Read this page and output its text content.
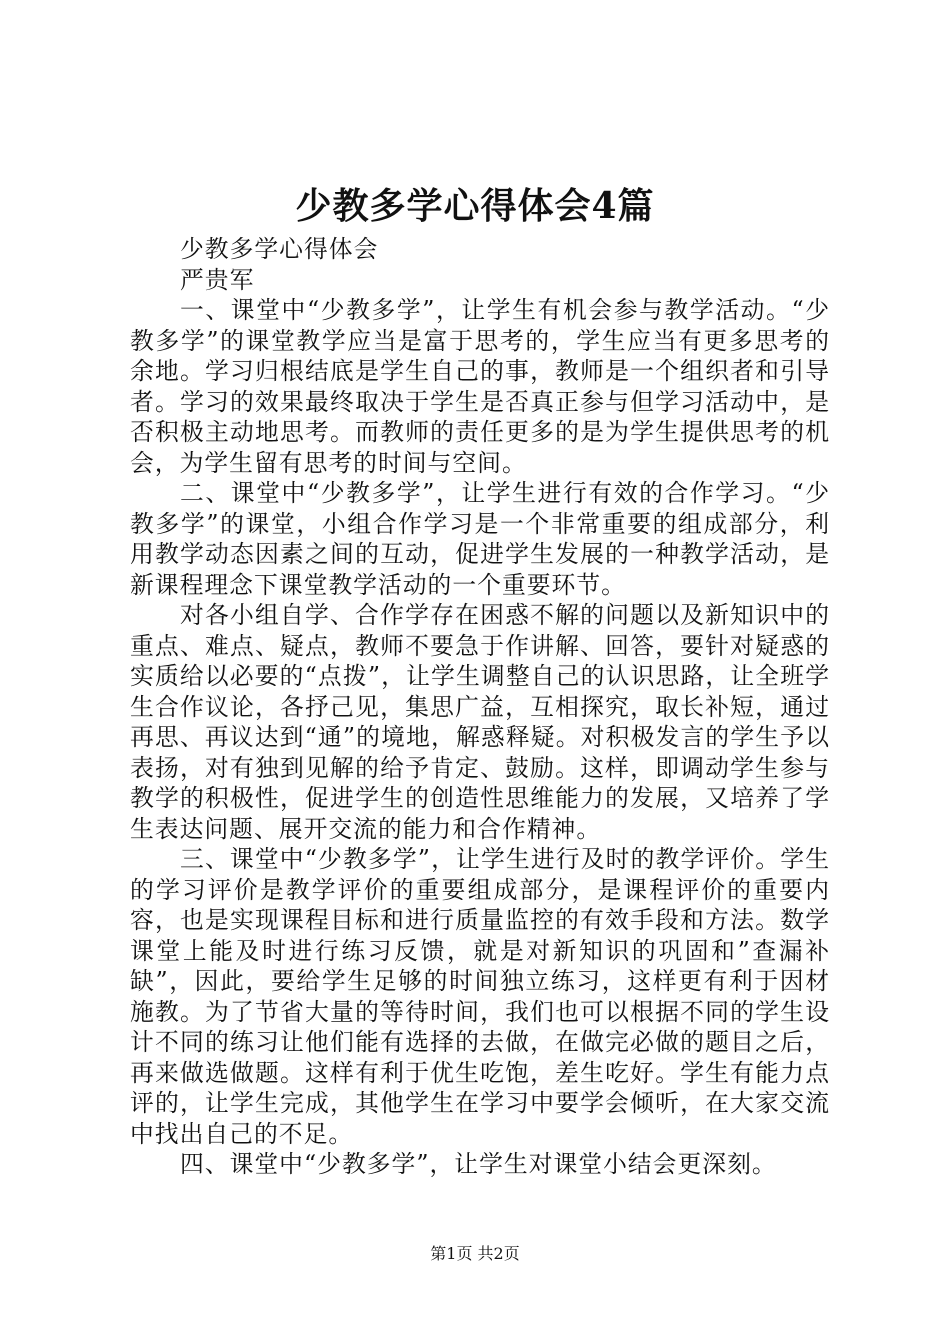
少教多学心得体会4篇

少教多学心得体会

严贵军

一、课堂中“少教多学”，让学生有机会参与教学活动。“少教多学”的课堂教学应当是富于思考的，学生应当有更多思考的余地。学习归根结底是学生自己的事，教师是一个组织者和引导者。学习的效果最终取决于学生是否真正参与但学习活动中，是否积极主动地思考。而教师的责任更多的是为学生提供思考的机会，为学生留有思考的时间与空间。

二、课堂中“少教多学”，让学生进行有效的合作学习。“少教多学”的课堂，小组合作学习是一个非常重要的组成部分，利用教学动态因素之间的互动，促进学生发展的一种教学活动，是新课程理念下课堂教学活动的一个重要环节。

对各小组自学、合作学存在困惑不解的问题以及新知识中的重点、难点、疑点，教师不要急于作讲解、回答，要针对疑惑的实质给以必要的“点拨”，让学生调整自己的认识思路，让全班学生合作议论，各抒己见，集思广益，互相探究，取长补短，通过再思、再议达到“通”的境地，解惑释疑。对积极发言的学生予以表扬，对有独到见解的给予肯定、鼓励。这样，即调动学生参与教学的积极性，促进学生的创造性思维能力的发展，又培养了学生表达问题、展开交流的能力和合作精神。

三、课堂中“少教多学”，让学生进行及时的教学评价。学生的学习评价是教学评价的重要组成部分，是课程评价的重要内容，也是实现课程目标和进行质量监控的有效手段和方法。数学课堂上能及时进行练习反馈，就是对新知识的巩固和”查漏补缺”，因此，要给学生足够的时间独立练习，这样更有利于因材施教。为了节省大量的等待时间，我们也可以根据不同的学生设计不同的练习让他们能有选择的去做，在做完必做的题目之后，再来做选做题。这样有利于优生吃饱，差生吃好。学生有能力点评的，让学生完成，其他学生在学习中要学会倾听，在大家交流中找出自己的不足。

四、课堂中“少教多学”，让学生对课堂小结会更深刻。

第1页 共2页
